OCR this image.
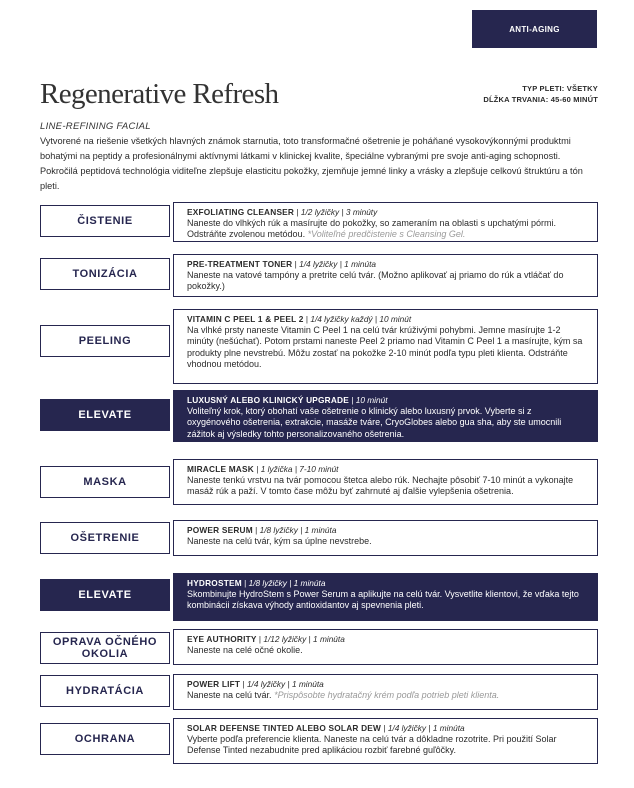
ANTI-AGING
TYP PLETI: VŠETKY
DĹŽKA TRVANIA: 45-60 MINÚT
Regenerative Refresh
LINE-REFINING FACIAL
Vytvorené na riešenie všetkých hlavných známok starnutia, toto transformačné ošetrenie je poháňané vysokovýkonnými produktmi bohatými na peptidy a profesionálnymi aktívnymi látkami v klinickej kvalite, špeciálne vybranými pre svoje anti-aging schopnosti. Pokročilá peptidová technológia viditeľne zlepšuje elasticitu pokožky, zjemňuje jemné linky a vrásky a zlepšuje celkovú štruktúru a tón pleti.
ČISTENIE
EXFOLIATING CLEANSER | 1/2 lyžičky | 3 minúty
Naneste do vlhkých rúk a masírujte do pokožky, so zameraním na oblasti s upchatými pórmi. Odstráňte zvolenou metódou. *Voliteľné predčistenie s Cleansing Gel.
TONIZÁCIA
PRE-TREATMENT TONER | 1/4 lyžičky | 1 minúta
Naneste na vatové tampóny a pretrite celú tvár. (Možno aplikovať aj priamo do rúk a vtláčať do pokožky.)
PEELING
VITAMIN C PEEL 1 & PEEL 2 | 1/4 lyžičky každý | 10 minút
Na vlhké prsty naneste Vitamin C Peel 1 na celú tvár krúživými pohybmi. Jemne masírujte 1-2 minúty (nešúchať). Potom prstami naneste Peel 2 priamo nad Vitamin C Peel 1 a masírujte, kým sa produkty plne nevstrebú. Môžu zostať na pokožke 2-10 minút podľa typu pleti klienta. Odstráňte vhodnou metódou.
ELEVATE
LUXUSNÝ ALEBO KLINICKÝ UPGRADE | 10 minút
Voliteľný krok, ktorý obohatí vaše ošetrenie o klinický alebo luxusný prvok. Vyberte si z oxygénového ošetrenia, extrakcie, masáže tváre, CryoGlobes alebo gua sha, aby ste umocnili zážitok aj výsledky tohto personalizovaného ošetrenia.
MASKA
MIRACLE MASK | 1 lyžička | 7-10 minút
Naneste tenkú vrstvu na tvár pomocou štetca alebo rúk. Nechajte pôsobiť 7-10 minút a vykonajte masáž rúk a paží. V tomto čase môžu byť zahrnuté aj ďalšie vylepšenia ošetrenia.
OŠETRENIE
POWER SERUM | 1/8 lyžičky | 1 minúta
Naneste na celú tvár, kým sa úplne nevstrebe.
ELEVATE
HYDROSTEM | 1/8 lyžičky | 1 minúta
Skombinujte HydroStem s Power Serum a aplikujte na celú tvár. Vysvetlite klientovi, že vďaka tejto kombinácii získava výhody antioxidantov aj spevnenia pleti.
OPRAVA OČNÉHO OKOLIA
EYE AUTHORITY | 1/12 lyžičky | 1 minúta
Naneste na celé očné okolie.
HYDRATÁCIA
POWER LIFT | 1/4 lyžičky | 1 minúta
Naneste na celú tvár. *Prispôsobte hydratačný krém podľa potrieb pleti klienta.
OCHRANA
SOLAR DEFENSE TINTED ALEBO SOLAR DEW | 1/4 lyžičky | 1 minúta
Vyberte podľa preferencie klienta. Naneste na celú tvár a dôkladne rozotrite. Pri použití Solar Defense Tinted nezabudnite pred aplikáciou rozbiť farebné guľôčky.
